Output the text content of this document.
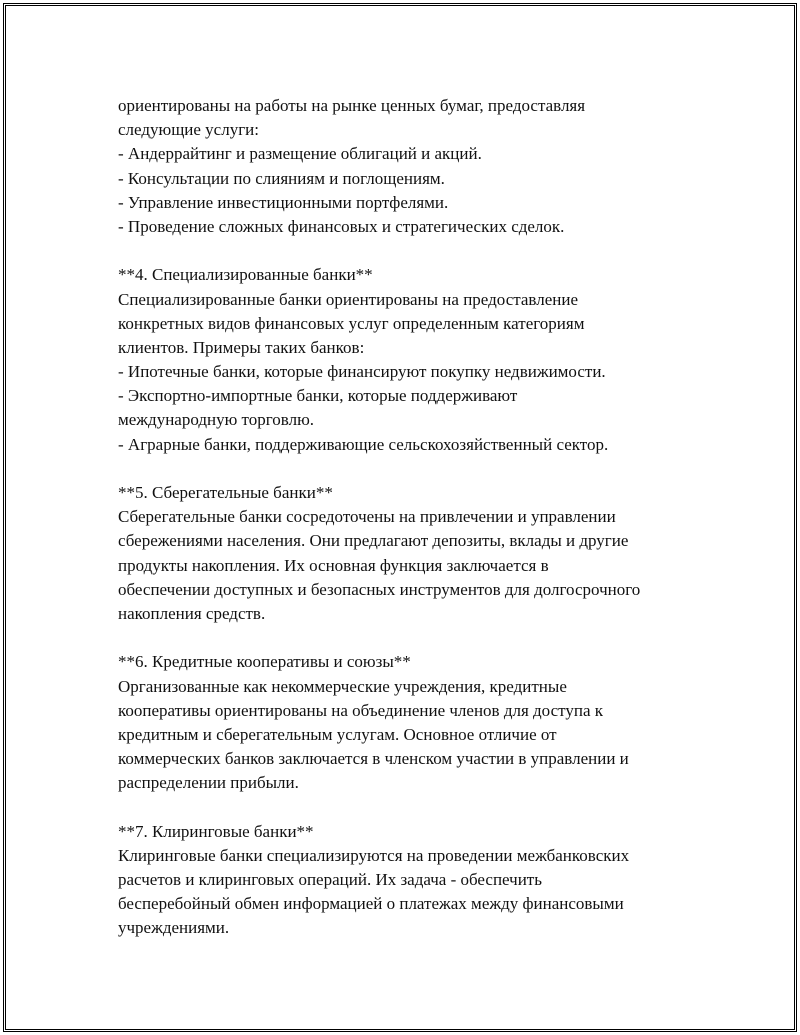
ориентированы на работы на рынке ценных бумаг, предоставляя
следующие услуги:
- Андеррайтинг и размещение облигаций и акций.
- Консультации по слияниям и поглощениям.
- Управление инвестиционными портфелями.
- Проведение сложных финансовых и стратегических сделок.
**4. Специализированные банки**
Специализированные банки ориентированы на предоставление
конкретных видов финансовых услуг определенным категориям
клиентов. Примеры таких банков:
- Ипотечные банки, которые финансируют покупку недвижимости.
- Экспортно-импортные банки, которые поддерживают
международную торговлю.
- Аграрные банки, поддерживающие сельскохозяйственный сектор.
**5. Сберегательные банки**
Сберегательные банки сосредоточены на привлечении и управлении
сбережениями населения. Они предлагают депозиты, вклады и другие
продукты накопления. Их основная функция заключается в
обеспечении доступных и безопасных инструментов для долгосрочного
накопления средств.
**6. Кредитные кооперативы и союзы**
Организованные как некоммерческие учреждения, кредитные
кооперативы ориентированы на объединение членов для доступа к
кредитным и сберегательным услугам. Основное отличие от
коммерческих банков заключается в членском участии в управлении и
распределении прибыли.
**7. Клиринговые банки**
Клиринговые банки специализируются на проведении межбанковских
расчетов и клиринговых операций. Их задача - обеспечить
бесперебойный обмен информацией о платежах между финансовыми
учреждениями.
